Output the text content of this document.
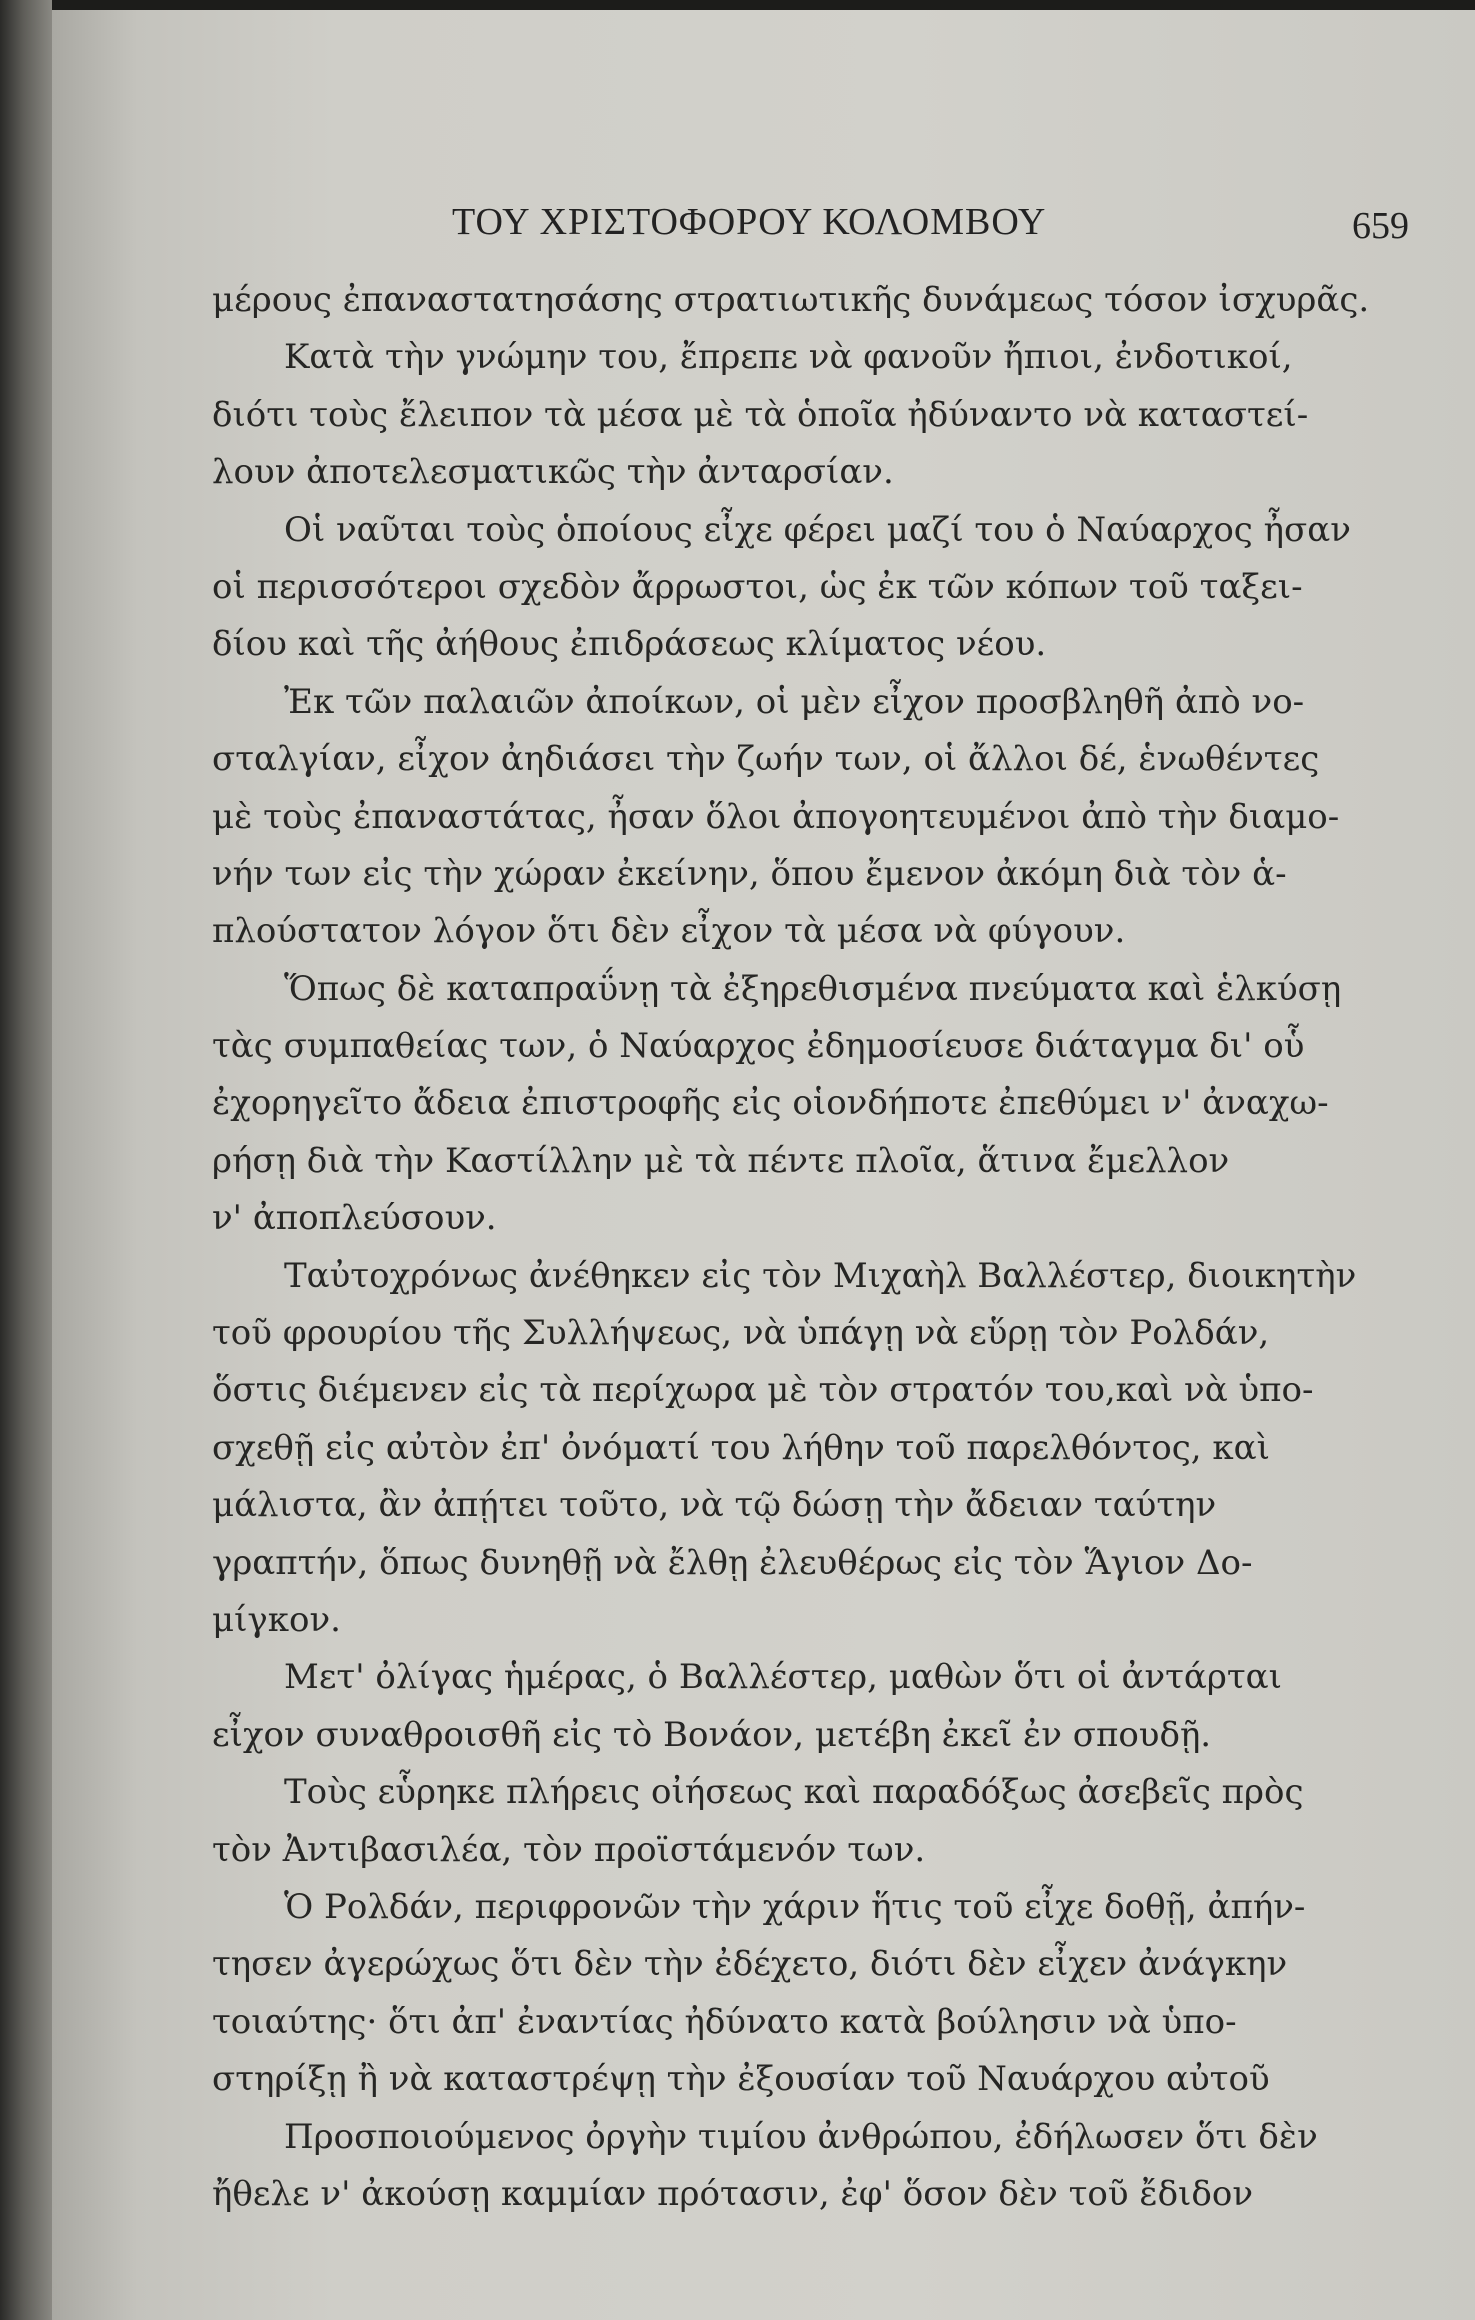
ΤΟΥ ΧΡΙΣΤΟΦΟΡΟΥ ΚΟΛΟΜΒΟΥ	659
μέρους ἐπαναστατησάσης στρατιωτικῆς δυνάμεως τόσον ἰσχυρᾶς.
Κατὰ τὴν γνώμην του, ἔπρεπε νὰ φανοῦν ἤπιοι, ἐνδοτικοί,
διότι τοὺς ἔλειπον τὰ μέσα μὲ τὰ ὁποῖα ἠδύναντο νὰ καταστεί-
λουν ἀποτελεσματικῶς τὴν ἀνταρσίαν.
Οἱ ναῦται τοὺς ὁποίους εἶχε φέρει μαζί του ὁ Ναύαρχος ἦσαν
οἱ περισσότεροι σχεδὸν ἄρρωστοι, ὡς ἐκ τῶν κόπων τοῦ ταξει-
δίου καὶ τῆς ἀήθους ἐπιδράσεως κλίματος νέου.
Ἐκ τῶν παλαιῶν ἀποίκων, οἱ μὲν εἶχον προσβληθῆ ἀπὸ νο-
σταλγίαν, εἶχον ἀηδιάσει τὴν ζωήν των, οἱ ἄλλοι δέ, ἑνωθέντες
μὲ τοὺς ἐπαναστάτας, ἦσαν ὅλοι ἀπογοητευμένοι ἀπὸ τὴν διαμο-
νήν των εἰς τὴν χώραν ἐκείνην, ὅπου ἔμενον ἀκόμη διὰ τὸν ἁ-
πλούστατον λόγον ὅτι δὲν εἶχον τὰ μέσα νὰ φύγουν.
Ὅπως δὲ καταπραΰνῃ τὰ ἐξηρεθισμένα πνεύματα καὶ ἑλκύσῃ
τὰς συμπαθείας των, ὁ Ναύαρχος ἐδημοσίευσε διάταγμα δι' οὗ
ἐχορηγεῖτο ἄδεια ἐπιστροφῆς εἰς οἱονδήποτε ἐπεθύμει ν' ἀναχω-
ρήσῃ διὰ τὴν Καστίλλην μὲ τὰ πέντε πλοῖα, ἅτινα ἔμελλον
ν' ἀποπλεύσουν.
Ταὐτοχρόνως ἀνέθηκεν εἰς τὸν Μιχαὴλ Βαλλέστερ, διοικητὴν
τοῦ φρουρίου τῆς Συλλήψεως, νὰ ὑπάγῃ νὰ εὕρῃ τὸν Ρολδάν,
ὅστις διέμενεν εἰς τὰ περίχωρα μὲ τὸν στρατόν του,καὶ νὰ ὑπο-
σχεθῇ εἰς αὐτὸν ἐπ' ὀνόματί του λήθην τοῦ παρελθόντος, καὶ
μάλιστα, ἂν ἀπῄτει τοῦτο, νὰ τῷ δώσῃ τὴν ἄδειαν ταύτην
γραπτήν, ὅπως δυνηθῇ νὰ ἔλθῃ ἐλευθέρως εἰς τὸν Ἅγιον Δο-
μίγκον.
Μετ' ὀλίγας ἡμέρας, ὁ Βαλλέστερ, μαθὼν ὅτι οἱ ἀντάρται
εἶχον συναθροισθῆ εἰς τὸ Βονάον, μετέβη ἐκεῖ ἐν σπουδῇ.
Τοὺς εὗρηκε πλήρεις οἰήσεως καὶ παραδόξως ἀσεβεῖς πρὸς
τὸν Ἀντιβασιλέα, τὸν προϊστάμενόν των.
Ὁ Ρολδάν, περιφρονῶν τὴν χάριν ἥτις τοῦ εἶχε δοθῇ, ἀπήν-
τησεν ἀγερώχως ὅτι δὲν τὴν ἐδέχετο, διότι δὲν εἶχεν ἀνάγκην
τοιαύτης· ὅτι ἀπ' ἐναντίας ἠδύνατο κατὰ βούλησιν νὰ ὑπο-
στηρίξῃ ἢ νὰ καταστρέψῃ τὴν ἐξουσίαν τοῦ Ναυάρχου αὐτοῦ
Προσποιούμενος ὀργὴν τιμίου ἀνθρώπου, ἐδήλωσεν ὅτι δὲν
ἤθελε ν' ἀκούσῃ καμμίαν πρότασιν, ἐφ' ὅσον δὲν τοῦ ἔδιδον
